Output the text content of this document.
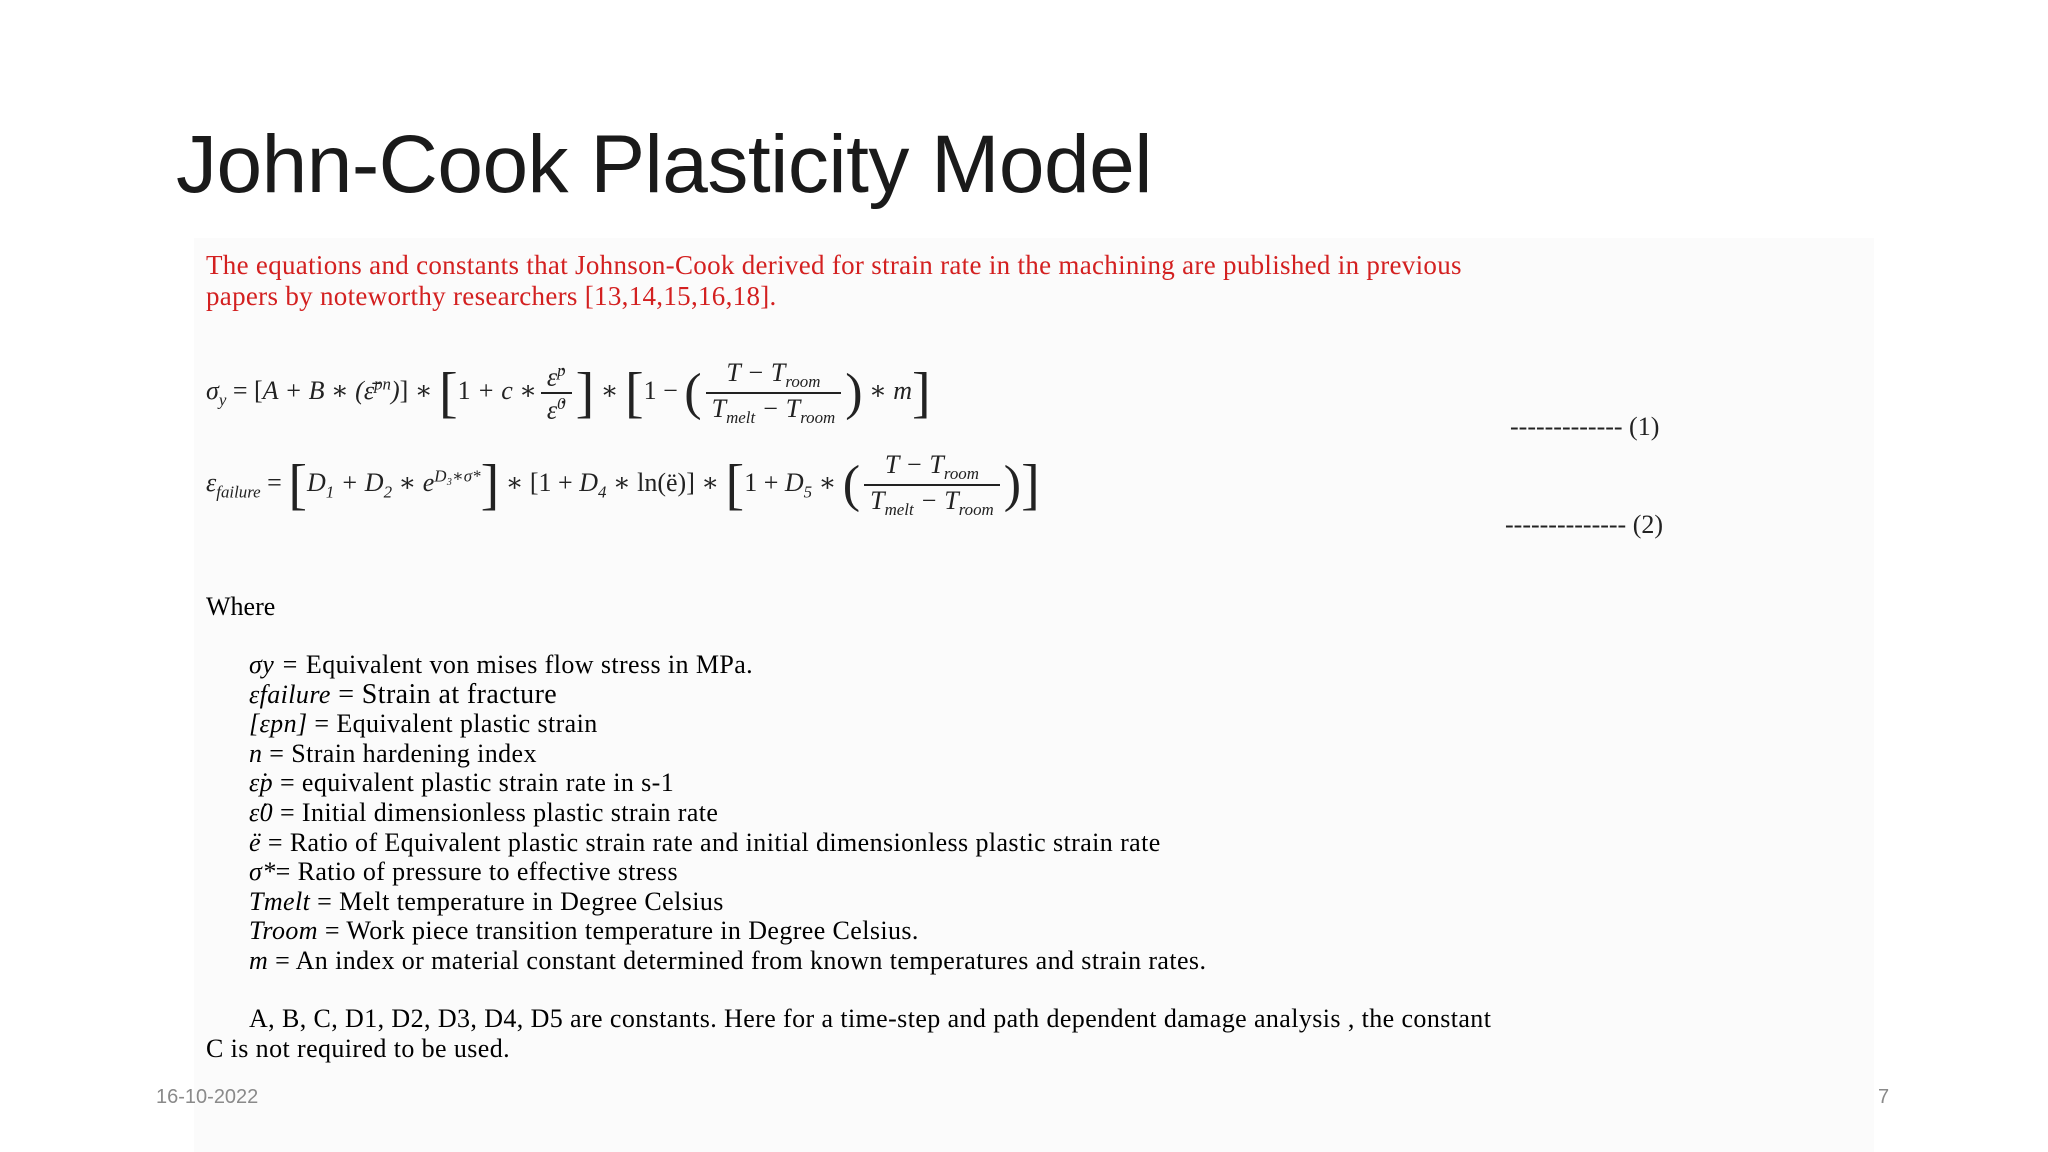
John-Cook Plasticity Model
The equations and constants that Johnson-Cook derived for strain rate in the machining are published in previous
papers by noteworthy researchers [13,14,15,16,18].
$\sigma_y = [A + B$ ∗ (ε̄$^{pn}$)] ∗ [1 + c ∗ $\frac{\varepsiloṅ^p}{\varepsiloṅ^0}$ ] ∗ [1 − ( $\frac{T - T_{room}}{T_{melt} - T_{room}}$ ) ∗ m]
------------- (1)
$\varepsilon_{failure} = [D_1 + D_2$ ∗ $e^{D_3∗\sigma*}$] ∗ [$1 + D_4$ ∗ ln(ë)] ∗ [$1 + D_5$ ∗ ( $\frac{T - T_{room}}{T_{melt} - T_{room}}$ )]
-------------- (2)
Where
σy = Equivalent von mises flow stress in MPa.
εfailure = Strain at fracture
[εpn] = Equivalent plastic strain
n = Strain hardening index
ε̇p = equivalent plastic strain rate in s-1
ε̇0 = Initial dimensionless plastic strain rate
ë = Ratio of Equivalent plastic strain rate and initial dimensionless plastic strain rate
σ*= Ratio of pressure to effective stress
Tmelt = Melt temperature in Degree Celsius
Troom = Work piece transition temperature in Degree Celsius.
m = An index or material constant determined from known temperatures and strain rates.
A, B, C, D1, D2, D3, D4, D5 are constants. Here for a time-step and path dependent damage analysis , the constant
C is not required to be used.
16-10-2022	7
